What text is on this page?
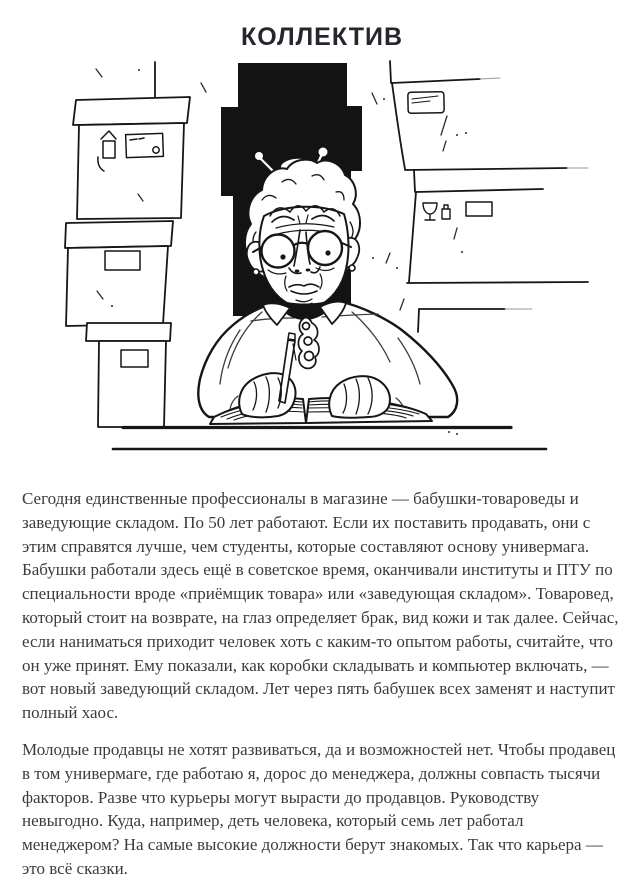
КОЛЛЕКТИВ

Сегодня единственные профессионалы в магазине — бабушки-товароведы и заведующие складом. По 50 лет работают. Если их поставить продавать, они с этим справятся лучше, чем студенты, которые составляют основу универмага. Бабушки работали здесь ещё в советское время, оканчивали институты и ПТУ по специальности вроде «приёмщик товара» или «заведующая складом». Товаровед, который стоит на возврате, на глаз определяет брак, вид кожи и так далее. Сейчас, если наниматься приходит человек хоть с каким-то опытом работы, считайте, что он уже принят. Ему показали, как коробки складывать и компьютер включать, — вот новый заведующий складом. Лет через пять бабушек всех заменят и наступит полный хаос.

Молодые продавцы не хотят развиваться, да и возможностей нет. Чтобы продавец в том универмаге, где работаю я, дорос до менеджера, должны совпасть тысячи факторов. Разве что курьеры могут вырасти до продавцов. Руководству невыгодно. Куда, например, деть человека, который семь лет работал менеджером? На самые высокие должности берут знакомых. Так что карьера — это всё сказки.
